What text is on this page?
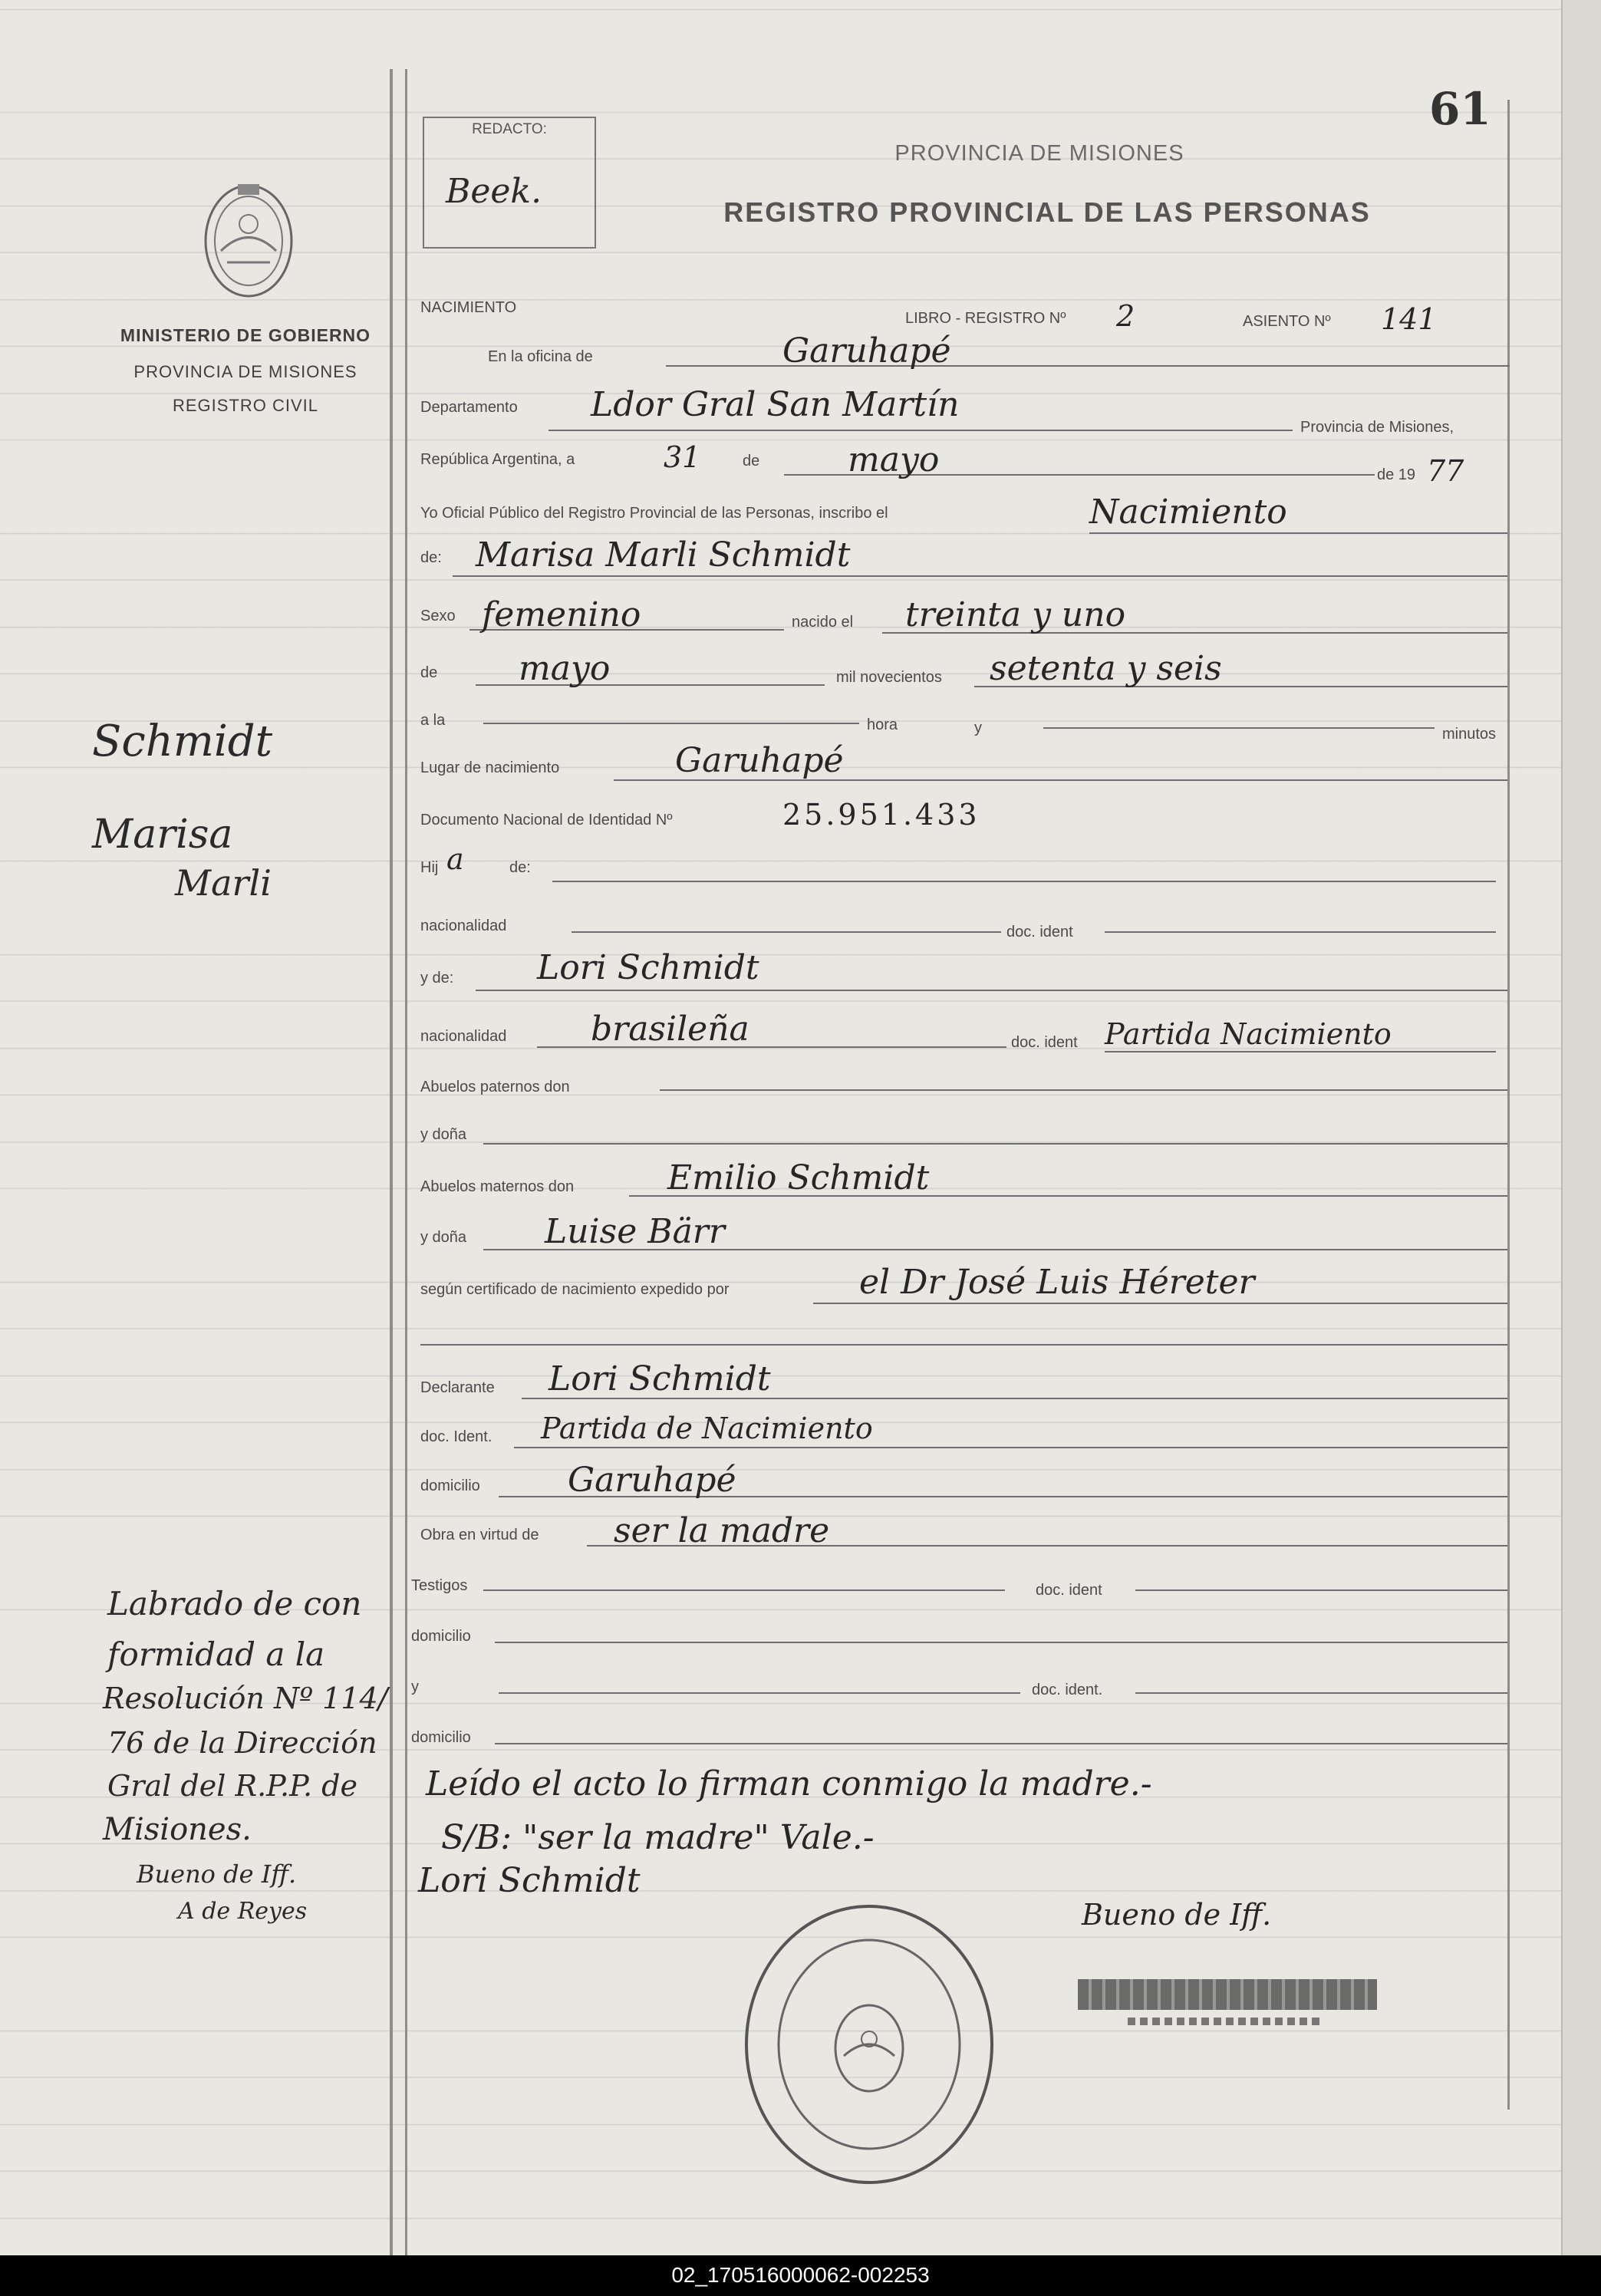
MINISTERIO DE GOBIERNO
PROVINCIA DE MISIONES
REGISTRO CIVIL
REDACTO:
Beek.
61
PROVINCIA DE MISIONES
REGISTRO PROVINCIAL DE LAS PERSONAS
NACIMIENTO
LIBRO - REGISTRO Nº 2	ASIENTO Nº 141
En la oficina de	Garuhapé
Departamento Ldor Gral San Martín
Provincia de Misiones,
República Argentina, a	31	de	mayo	de 19 77
Yo Oficial Público del Registro Provincial de las Personas, inscribo el	Nacimiento
de: Marisa Marli Schmidt
Sexo femenino	nacido el treinta y uno
de mayo	mil novecientos setenta y seis
a la	hora	y	minutos
Lugar de nacimiento	Garuhapé
Documento Nacional de Identidad Nº	25.951.433
Hij a	de:
nacionalidad	doc. ident
y de: Lori Schmidt
nacionalidad brasileña	doc. ident Partida Nacimiento
Abuelos paternos don
y doña
Abuelos maternos don	Emilio Schmidt
y doña Luise Bärr
según certificado de nacimiento expedido por	el Dr José Luis Héreter
Declarante Lori Schmidt
doc. Ident. Partida de Nacimiento
domicilio	Garuhapé
Obra en virtud de ser la madre
Testigos	doc. ident
domicilio
y	doc. ident.
domicilio
Leído el acto lo firman conmigo la madre.-
S/B: "ser la madre" Vale.-
Lori Schmidt
Bueno de Iff.
Schmidt
Marisa
Marli
Labrado de con
formidad a la
Resolución Nº 114/
76 de la Dirección
Gral del R.P.P. de
Misiones.
Bueno de Iff.
A de Reyes
02_170516000062-002253
